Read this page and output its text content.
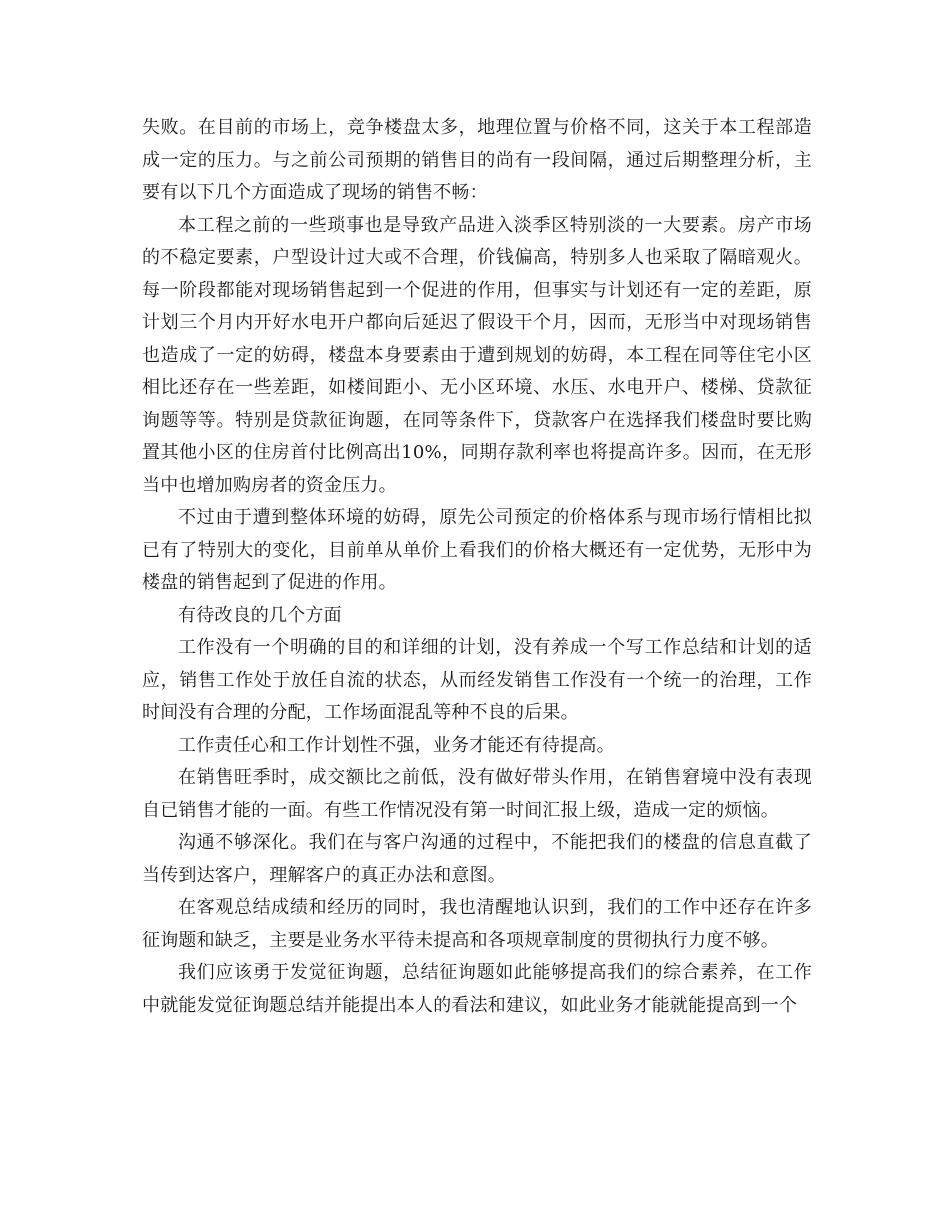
失败。在目前的市场上，竞争楼盘太多，地理位置与价格不同，这关于本工程部造成一定的压力。与之前公司预期的销售目的尚有一段间隔，通过后期整理分析，主要有以下几个方面造成了现场的销售不畅：

本工程之前的一些琐事也是导致产品进入淡季区特别淡的一大要素。房产市场的不稳定要素，户型设计过大或不合理，价钱偏高，特别多人也采取了隔暗观火。每一阶段都能对现场销售起到一个促进的作用，但事实与计划还有一定的差距，原计划三个月内开好水电开户都向后延迟了假设干个月，因而，无形当中对现场销售也造成了一定的妨碍，楼盘本身要素由于遭到规划的妨碍，本工程在同等住宅小区相比还存在一些差距，如楼间距小、无小区环境、水压、水电开户、楼梯、贷款征询题等等。特别是贷款征询题，在同等条件下，贷款客户在选择我们楼盘时要比购置其他小区的住房首付比例高出10%，同期存款利率也将提高许多。因而，在无形当中也增加购房者的资金压力。

不过由于遭到整体环境的妨碍，原先公司预定的价格体系与现市场行情相比拟已有了特别大的变化，目前单从单价上看我们的价格大概还有一定优势，无形中为楼盘的销售起到了促进的作用。

有待改良的几个方面

工作没有一个明确的目的和详细的计划，没有养成一个写工作总结和计划的适应，销售工作处于放任自流的状态，从而经发销售工作没有一个统一的治理，工作时间没有合理的分配，工作场面混乱等种不良的后果。

工作责任心和工作计划性不强，业务才能还有待提高。

在销售旺季时，成交额比之前低，没有做好带头作用，在销售窘境中没有表现自已销售才能的一面。有些工作情况没有第一时间汇报上级，造成一定的烦恼。

沟通不够深化。我们在与客户沟通的过程中，不能把我们的楼盘的信息直截了当传到达客户，理解客户的真正办法和意图。

在客观总结成绩和经历的同时，我也清醒地认识到，我们的工作中还存在许多征询题和缺乏，主要是业务水平待未提高和各项规章制度的贯彻执行力度不够。

我们应该勇于发觉征询题，总结征询题如此能够提高我们的综合素养，在工作中就能发觉征询题总结并能提出本人的看法和建议，如此业务才能就能提高到一个
